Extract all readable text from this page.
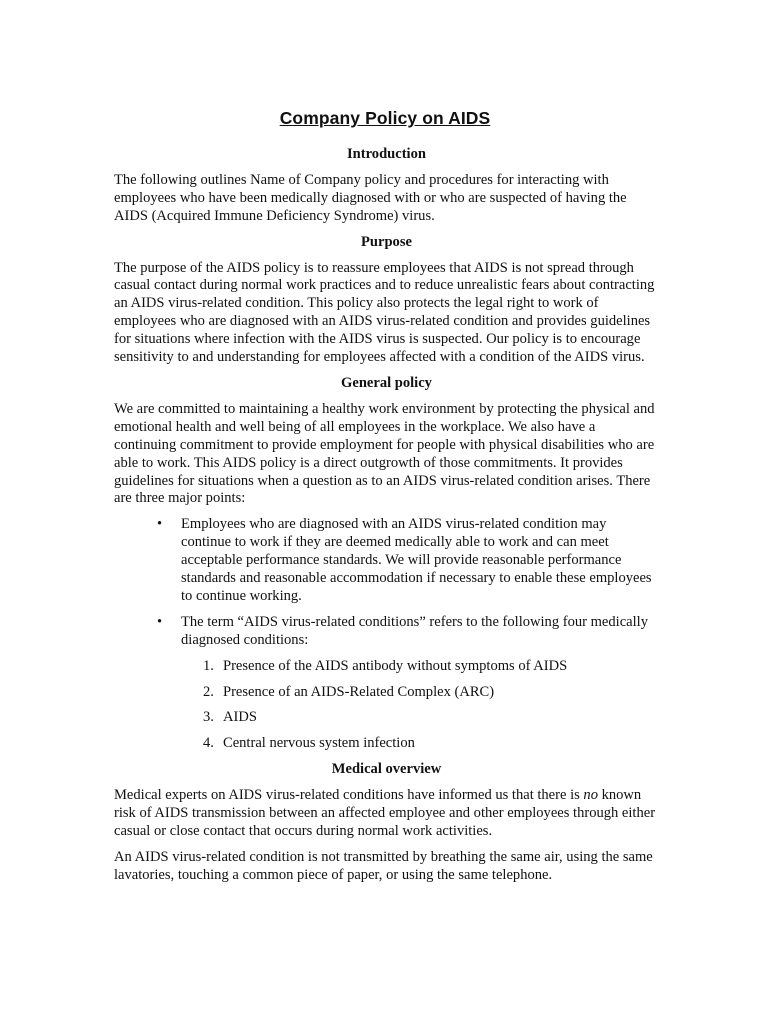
Company Policy on AIDS
Introduction

The following outlines Name of Company policy and procedures for interacting with employees who have been medically diagnosed with or who are suspected of having the AIDS (Acquired Immune Deficiency Syndrome) virus.

Purpose

The purpose of the AIDS policy is to reassure employees that AIDS is not spread through casual contact during normal work practices and to reduce unrealistic fears about contracting an AIDS virus-related condition. This policy also protects the legal right to work of employees who are diagnosed with an AIDS virus-related condition and provides guidelines for situations where infection with the AIDS virus is suspected. Our policy is to encourage sensitivity to and understanding for employees affected with a condition of the AIDS virus.

General policy

We are committed to maintaining a healthy work environment by protecting the physical and emotional health and well being of all employees in the workplace. We also have a continuing commitment to provide employment for people with physical disabilities who are able to work. This AIDS policy is a direct outgrowth of those commitments. It provides guidelines for situations when a question as to an AIDS virus-related condition arises. There are three major points:

• Employees who are diagnosed with an AIDS virus-related condition may continue to work if they are deemed medically able to work and can meet acceptable performance standards. We will provide reasonable performance standards and reasonable accommodation if necessary to enable these employees to continue working.
• The term “AIDS virus-related conditions” refers to the following four medically diagnosed conditions:
1. Presence of the AIDS antibody without symptoms of AIDS
2. Presence of an AIDS-Related Complex (ARC)
3. AIDS
4. Central nervous system infection
Medical overview

Medical experts on AIDS virus-related conditions have informed us that there is no known risk of AIDS transmission between an affected employee and other employees through either casual or close contact that occurs during normal work activities.

An AIDS virus-related condition is not transmitted by breathing the same air, using the same lavatories, touching a common piece of paper, or using the same telephone.
